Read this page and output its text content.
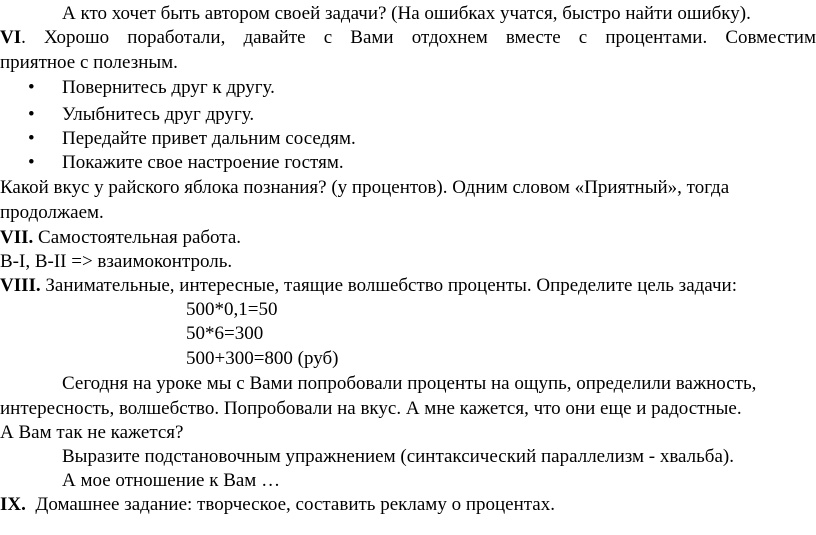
А кто хочет быть автором своей задачи? (На ошибках учатся, быстро найти ошибку).
VI. Хорошо поработали, давайте с Вами отдохнем вместе с процентами. Совместим
приятное с полезным.
• Повернитесь друг к другу.
• Улыбнитесь друг другу.
• Передайте привет дальним соседям.
• Покажите свое настроение гостям.
Какой вкус у райского яблока познания? (у процентов). Одним словом «Приятный», тогда
продолжаем.
VII. Самостоятельная работа.
В-I, В-II => взаимоконтроль.
VIII. Занимательные, интересные, таящие волшебство проценты. Определите цель задачи:
500*0,1=50
50*6=300
500+300=800 (руб)
Сегодня на уроке мы с Вами попробовали проценты на ощупь, определили важность,
интересность, волшебство. Попробовали на вкус. А мне кажется, что они еще и радостные.
А Вам так не кажется?
Выразите подстановочным упражнением (синтаксический параллелизм - хвальба).
А мое отношение к Вам …
IX.  Домашнее задание: творческое, составить рекламу о процентах.
